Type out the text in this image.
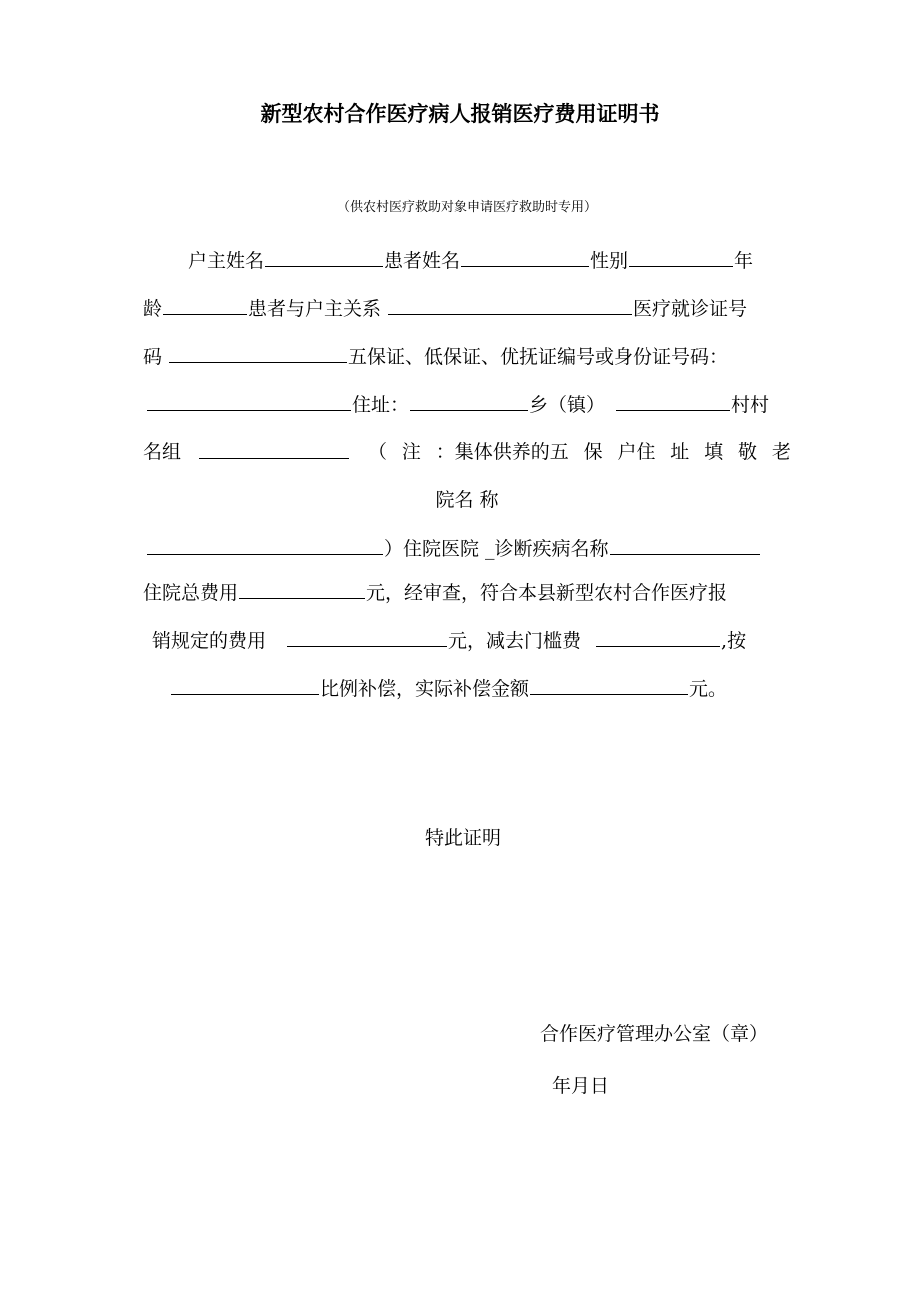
新型农村合作医疗病人报销医疗费用证明书
（供农村医疗救助对象申请医疗救助时专用）
户主姓名	患者姓名	性别	年
龄	患者与户主关系	医疗就诊证号
码	五保证、低保证、优抚证编号或身份证号码：
住址：	乡（镇）	村村
名组	（ 注 ：集体供养的五 保 户住 址 填 敬 老
院名 称
）住院医院 _诊断疾病名称
住院总费用	元，经审查，符合本县新型农村合作医疗报
销规定的费用	元，减去门槛费	,按
比例补偿，实际补偿金额	元。
特此证明
合作医疗管理办公室（章）
年月日
